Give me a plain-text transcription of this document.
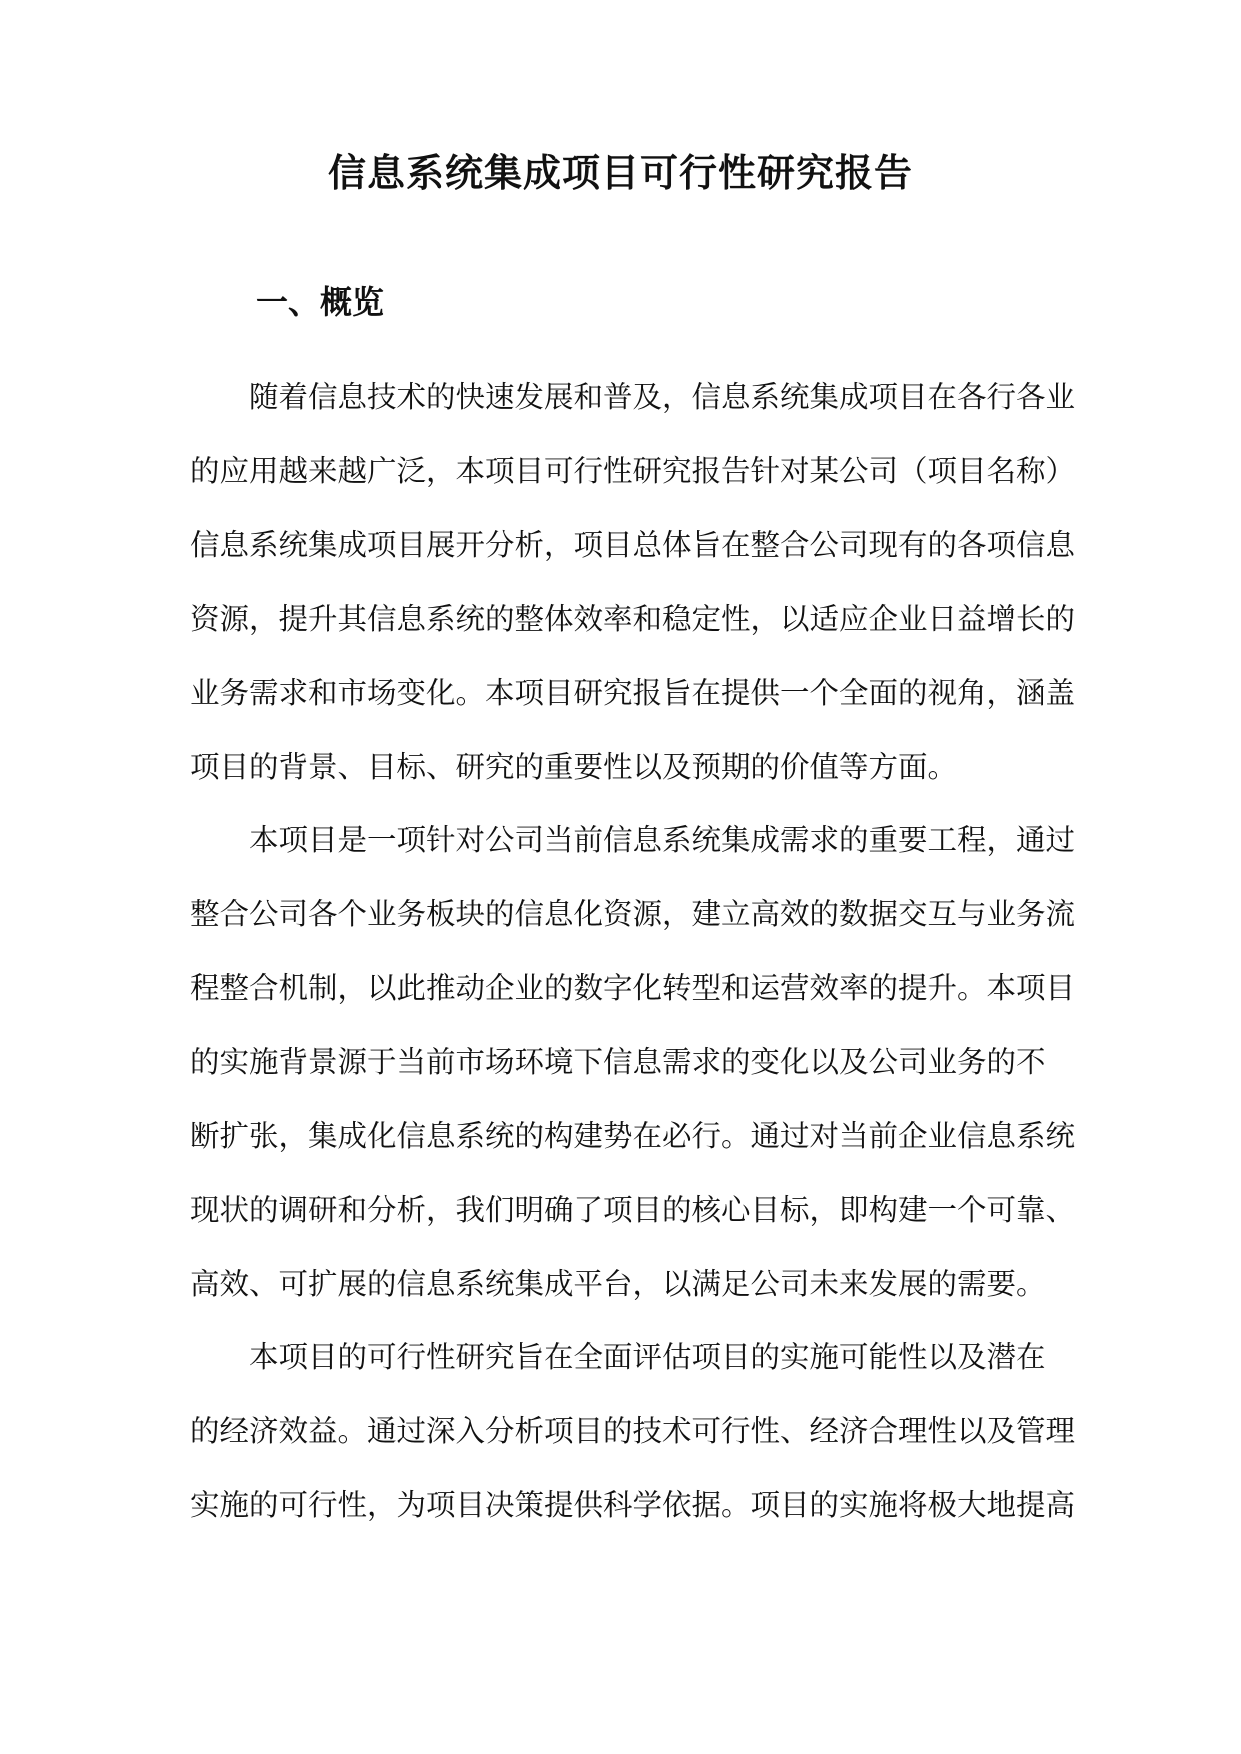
信息系统集成项目可行性研究报告
一、概览
　　随着信息技术的快速发展和普及，信息系统集成项目在各行各业
的应用越来越广泛，本项目可行性研究报告针对某公司（项目名称）
信息系统集成项目展开分析，项目总体旨在整合公司现有的各项信息
资源，提升其信息系统的整体效率和稳定性，以适应企业日益增长的
业务需求和市场变化。本项目研究报旨在提供一个全面的视角，涵盖
项目的背景、目标、研究的重要性以及预期的价值等方面。
　　本项目是一项针对公司当前信息系统集成需求的重要工程，通过
整合公司各个业务板块的信息化资源，建立高效的数据交互与业务流
程整合机制，以此推动企业的数字化转型和运营效率的提升。本项目
的实施背景源于当前市场环境下信息需求的变化以及公司业务的不
断扩张，集成化信息系统的构建势在必行。通过对当前企业信息系统
现状的调研和分析，我们明确了项目的核心目标，即构建一个可靠、
高效、可扩展的信息系统集成平台，以满足公司未来发展的需要。
　　本项目的可行性研究旨在全面评估项目的实施可能性以及潜在
的经济效益。通过深入分析项目的技术可行性、经济合理性以及管理
实施的可行性，为项目决策提供科学依据。项目的实施将极大地提高
